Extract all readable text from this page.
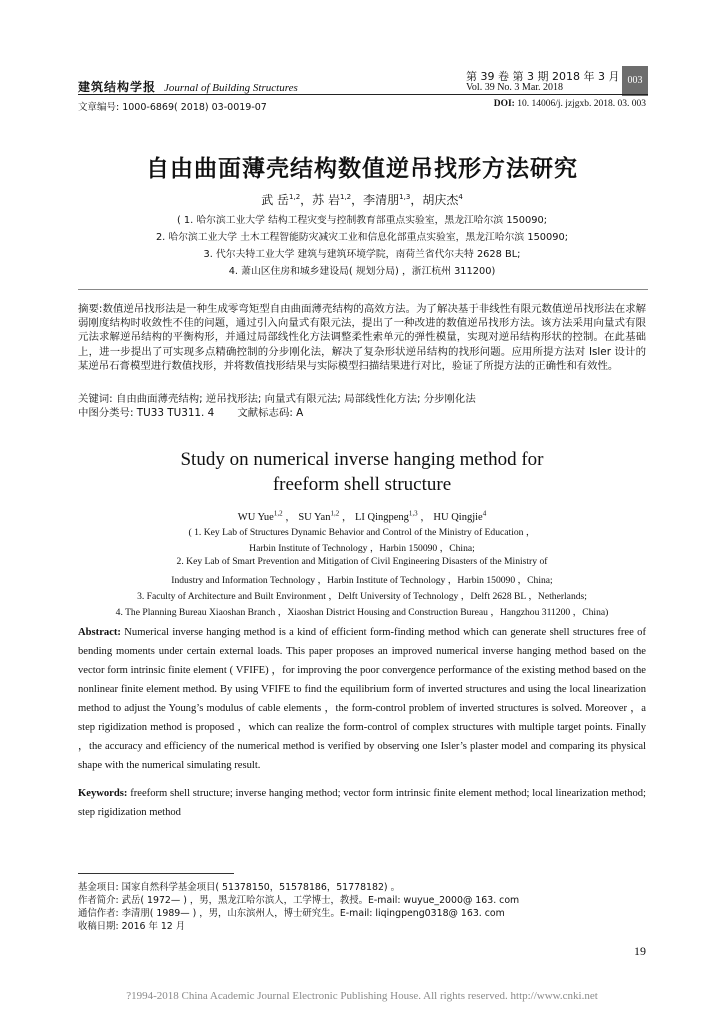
建筑结构学报 Journal of Building Structures
第 39 卷 第 3 期 2018 年 3 月
Vol. 39 No. 3 Mar. 2018
003
文章编号: 1000-6869( 2018) 03-0019-07	DOI: 10. 14006/j. jzjgxb. 2018. 03. 003
自由曲面薄壳结构数值逆吊找形方法研究
武 岳$^{1,2}$，苏 岩$^{1,2}$，李清朋$^{1,3}$，胡庆杰$^4$
( 1. 哈尔滨工业大学 结构工程灾变与控制教育部重点实验室，黑龙江哈尔滨 150090;
2. 哈尔滨工业大学 土木工程智能防灾减灾工业和信息化部重点实验室，黑龙江哈尔滨 150090;
3. 代尔夫特工业大学 建筑与建筑环境学院，南荷兰省代尔夫特 2628 BL;
4. 萧山区住房和城乡建设局( 规划分局) ，浙江杭州 311200)
摘要:数值逆吊找形法是一种生成零弯矩型自由曲面薄壳结构的高效方法。为了解决基于非线性有限元数值逆吊找形法在求解弱刚度结构时收敛性不佳的问题，通过引入向量式有限元法，提出了一种改进的数值逆吊找形方法。该方法采用向量式有限元法求解逆吊结构的平衡构形，并通过局部线性化方法调整柔性索单元的弹性模量，实现对逆吊结构形状的控制。在此基础上，进一步提出了可实现多点精确控制的分步刚化法，解决了复杂形状逆吊结构的找形问题。应用所提方法对 Isler 设计的某逆吊石膏模型进行数值找形，并将数值找形结果与实际模型扫描结果进行对比，验证了所提方法的正确性和有效性。
关键词: 自由曲面薄壳结构; 逆吊找形法; 向量式有限元法; 局部线性化方法; 分步刚化法
中图分类号: TU33 TU311. 4 文献标志码: A
Study on numerical inverse hanging method for
freeform shell structure
WU Yue$^{1,2}$ ， SU Yan$^{1,2}$ ， LI Qingpeng$^{1,3}$ ， HU Qingjie$^4$
( 1. Key Lab of Structures Dynamic Behavior and Control of the Ministry of Education ，
Harbin Institute of Technology ，Harbin 150090 ，China;
2. Key Lab of Smart Prevention and Mitigation of Civil Engineering Disasters of the Ministry of
Industry and Information Technology ，Harbin Institute of Technology ，Harbin 150090 ，China;
3. Faculty of Architecture and Built Environment ，Delft University of Technology ，Delft 2628 BL ，Netherlands;
4. The Planning Bureau Xiaoshan Branch ，Xiaoshan District Housing and Construction Bureau ，Hangzhou 311200 ，China)
Abstract: Numerical inverse hanging method is a kind of efficient form-finding method which can generate shell structures free of bending moments under certain external loads. This paper proposes an improved numerical inverse hanging method based on the vector form intrinsic finite element ( VFIFE) ，for improving the poor convergence performance of the existing method based on the nonlinear finite element method. By using VFIFE to find the equilibrium form of inverted structures and using the local linearization method to adjust the Young’s modulus of cable elements ，the form-control problem of inverted structures is solved. Moreover ，a step rigidization method is proposed ，which can realize the form-control of complex structures with multiple target points. Finally ，the accuracy and efficiency of the numerical method is verified by observing one Isler’s plaster model and comparing its physical shape with the numerical simulating result.
Keywords: freeform shell structure; inverse hanging method; vector form intrinsic finite element method; local linearization method; step rigidization method
基金项目: 国家自然科学基金项目( 51378150，51578186，51778182) 。
作者简介: 武岳( 1972— ) ，男，黑龙江哈尔滨人，工学博士，教授。E-mail: wuyue_2000@ 163. com
通信作者: 李清朋( 1989— ) ，男，山东滨州人，博士研究生。E-mail: liqingpeng0318@ 163. com
收稿日期: 2016 年 12 月
19
?1994-2018 China Academic Journal Electronic Publishing House. All rights reserved. http://www.cnki.net
